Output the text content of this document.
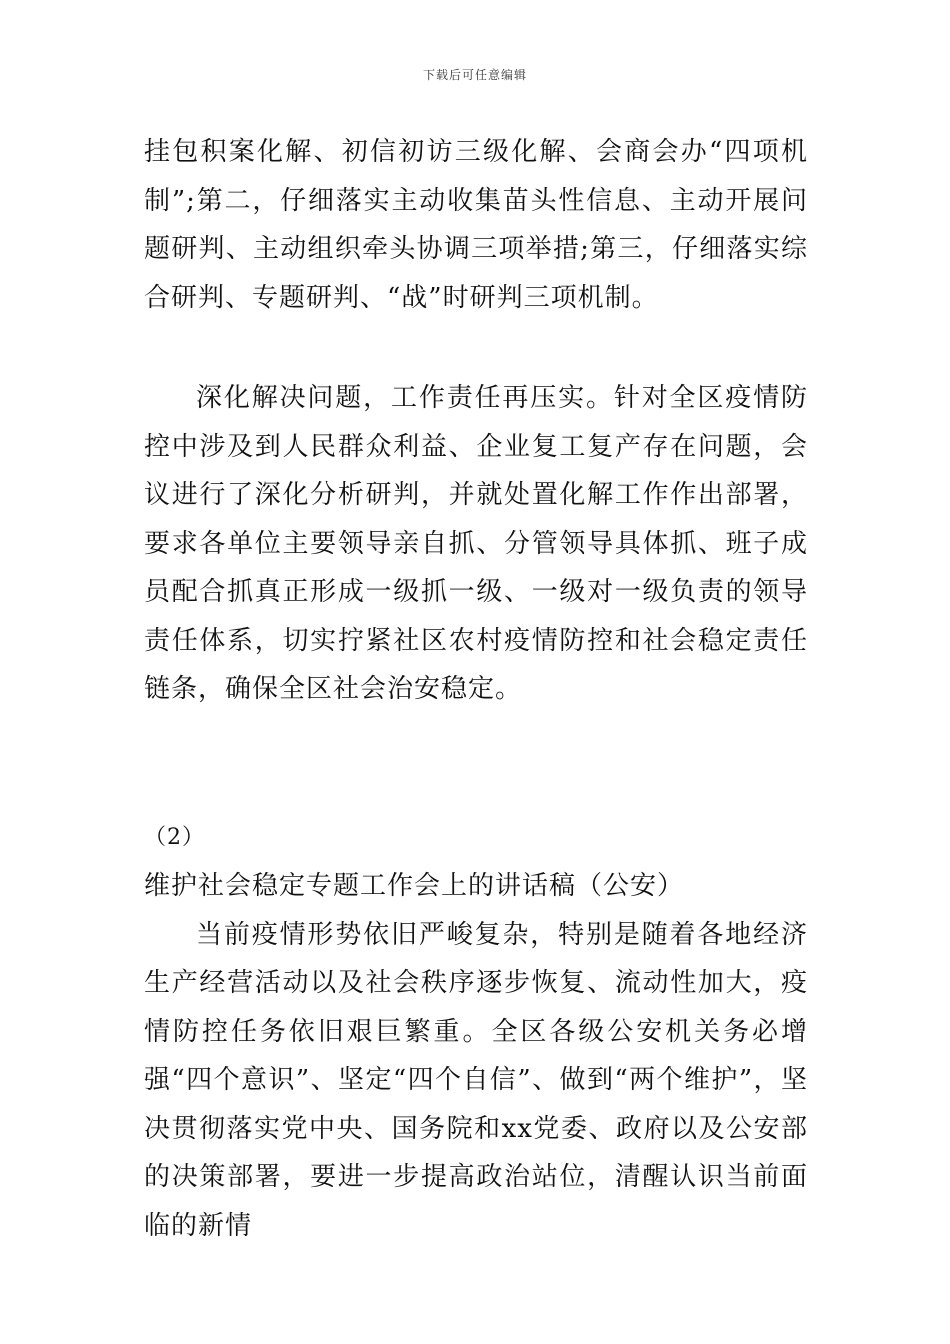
下载后可任意编辑

挂包积案化解、初信初访三级化解、会商会办“四项机制”;第二，仔细落实主动收集苗头性信息、主动开展问题研判、主动组织牵头协调三项举措;第三，仔细落实综合研判、专题研判、“战”时研判三项机制。

深化解决问题，工作责任再压实。针对全区疫情防控中涉及到人民群众利益、企业复工复产存在问题，会议进行了深化分析研判，并就处置化解工作作出部署，要求各单位主要领导亲自抓、分管领导具体抓、班子成员配合抓真正形成一级抓一级、一级对一级负责的领导责任体系，切实拧紧社区农村疫情防控和社会稳定责任链条，确保全区社会治安稳定。

（2）

维护社会稳定专题工作会上的讲话稿（公安）

当前疫情形势依旧严峻复杂，特别是随着各地经济生产经营活动以及社会秩序逐步恢复、流动性加大，疫情防控任务依旧艰巨繁重。全区各级公安机关务必增强“四个意识”、坚定“四个自信”、做到“两个维护”，坚决贯彻落实党中央、国务院和xx党委、政府以及公安部的决策部署，要进一步提高政治站位，清醒认识当前面临的新情
